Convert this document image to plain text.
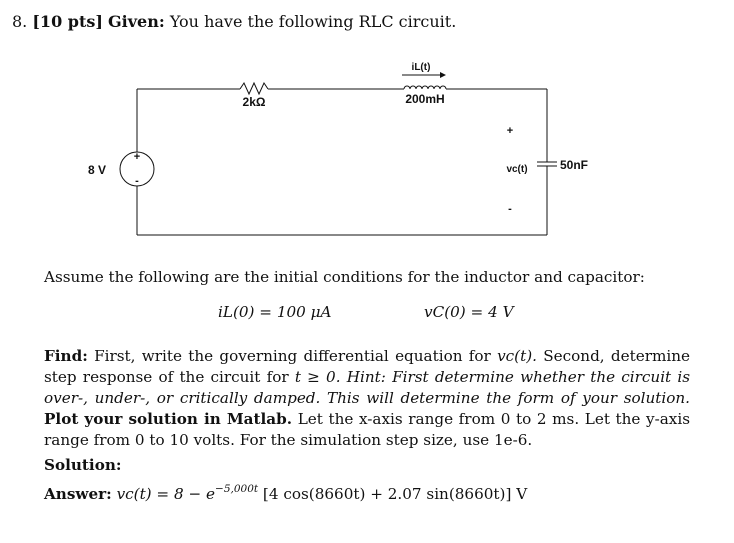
8. [10 pts] Given: You have the following RLC circuit.
+
-
8 V
2kΩ	200mH
iL(t)
+
-
vc(t)	50nF
Assume the following are the initial conditions for the inductor and capacitor:
iL(0) = 100 μA	vC(0) = 4 V
Find: First, write the governing differential equation for vc(t). Second, determine step response of the circuit for t ≥ 0. Hint: First determine whether the circuit is over-, under-, or critically damped. This will determine the form of your solution. Plot your solution in Matlab. Let the x-axis range from 0 to 2 ms. Let the y-axis range from 0 to 10 volts. For the simulation step size, use 1e-6.
Solution:
Answer: $vc(t) = 8 - e^{-5,000t}$ [4 cos(8660t) + 2.07 sin(8660t)] V
